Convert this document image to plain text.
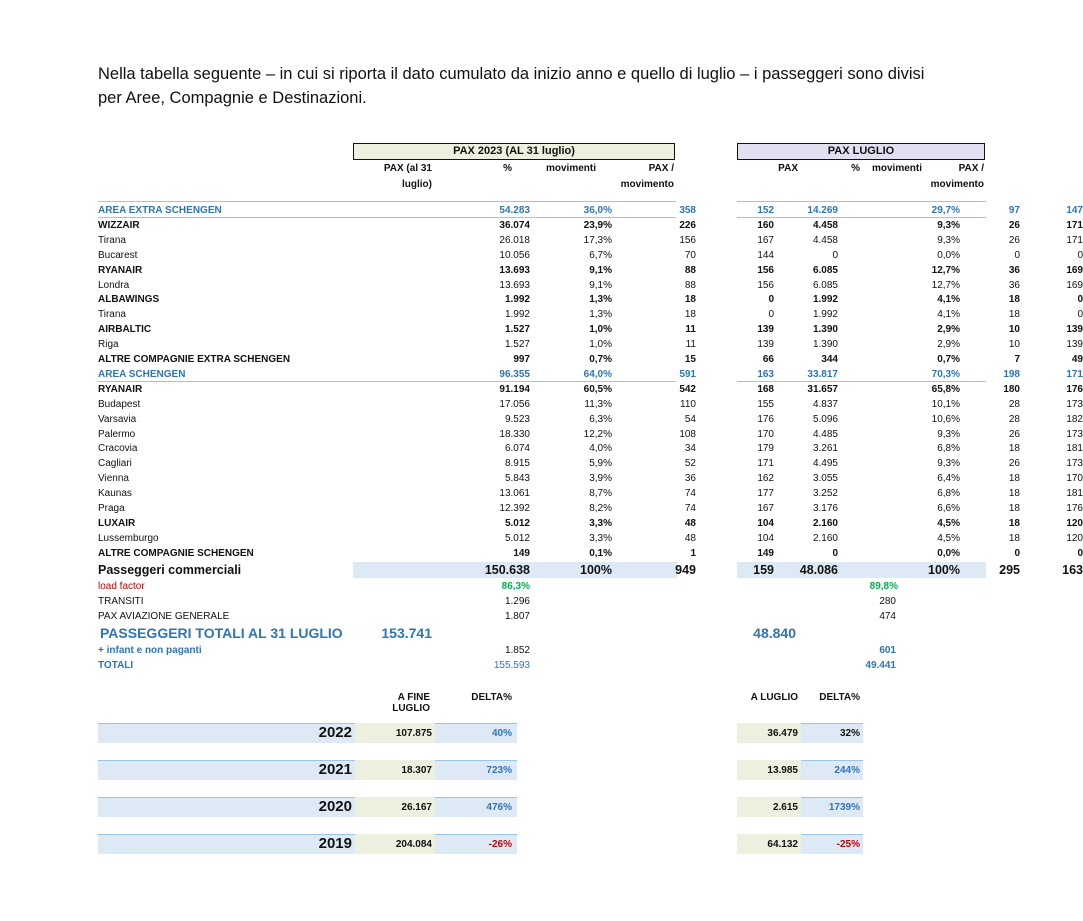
Nella tabella seguente – in cui si riporta il dato cumulato da inizio anno e quello di luglio – i passeggeri sono divisi per Aree, Compagnie e Destinazioni.

PAX 2023 (AL 31 luglio)	PAX LUGLIO
PAX (al 31
luglio)
%	movimenti	PAX /
movimento
PAX	%	movimenti	PAX /
movimento
AREA EXTRA SCHENGEN	54.283	36,0%	358	152	14.269	29,7%	97	147
WIZZAIR	36.074	23,9%	226	160	4.458	9,3%	26	171
Tirana	26.018	17,3%	156	167	4.458	9,3%	26	171
Bucarest	10.056	6,7%	70	144	0	0,0%	0	0
RYANAIR	13.693	9,1%	88	156	6.085	12,7%	36	169
Londra	13.693	9,1%	88	156	6.085	12,7%	36	169
ALBAWINGS	1.992	1,3%	18	0	1.992	4,1%	18	0
Tirana	1.992	1,3%	18	0	1.992	4,1%	18	0
AIRBALTIC	1.527	1,0%	11	139	1.390	2,9%	10	139
Riga	1.527	1,0%	11	139	1.390	2,9%	10	139
ALTRE COMPAGNIE EXTRA SCHENGEN	997	0,7%	15	66	344	0,7%	7	49
AREA SCHENGEN	96.355	64,0%	591	163	33.817	70,3%	198	171
RYANAIR	91.194	60,5%	542	168	31.657	65,8%	180	176
Budapest	17.056	11,3%	110	155	4.837	10,1%	28	173
Varsavia	9.523	6,3%	54	176	5.096	10,6%	28	182
Palermo	18.330	12,2%	108	170	4.485	9,3%	26	173
Cracovia	6.074	4,0%	34	179	3.261	6,8%	18	181
Cagliari	8.915	5,9%	52	171	4.495	9,3%	26	173
Vienna	5.843	3,9%	36	162	3.055	6,4%	18	170
Kaunas	13.061	8,7%	74	177	3.252	6,8%	18	181
Praga	12.392	8,2%	74	167	3.176	6,6%	18	176
LUXAIR	5.012	3,3%	48	104	2.160	4,5%	18	120
Lussemburgo	5.012	3,3%	48	104	2.160	4,5%	18	120
ALTRE COMPAGNIE SCHENGEN	149	0,1%	1	149	0	0,0%	0	0
Passeggeri commerciali	150.638	100%	949	159	48.086	100%	295	163
load factor	86,3%	89,8%
TRANSITI	1.296	280
PAX AVIAZIONE GENERALE	1.807	474
PASSEGGERI TOTALI AL 31 LUGLIO	153.741	48.840
+ infant e non paganti	1.852	601
TOTALI	155.593	49.441
A FINE LUGLIO
DELTA%	A LUGLIO	DELTA%
2022	107.875	40%	36.479	32%
2021	18.307	723%	13.985	244%
2020	26.167	476%	2.615	1739%
2019	204.084	-26%	64.132	-25%
